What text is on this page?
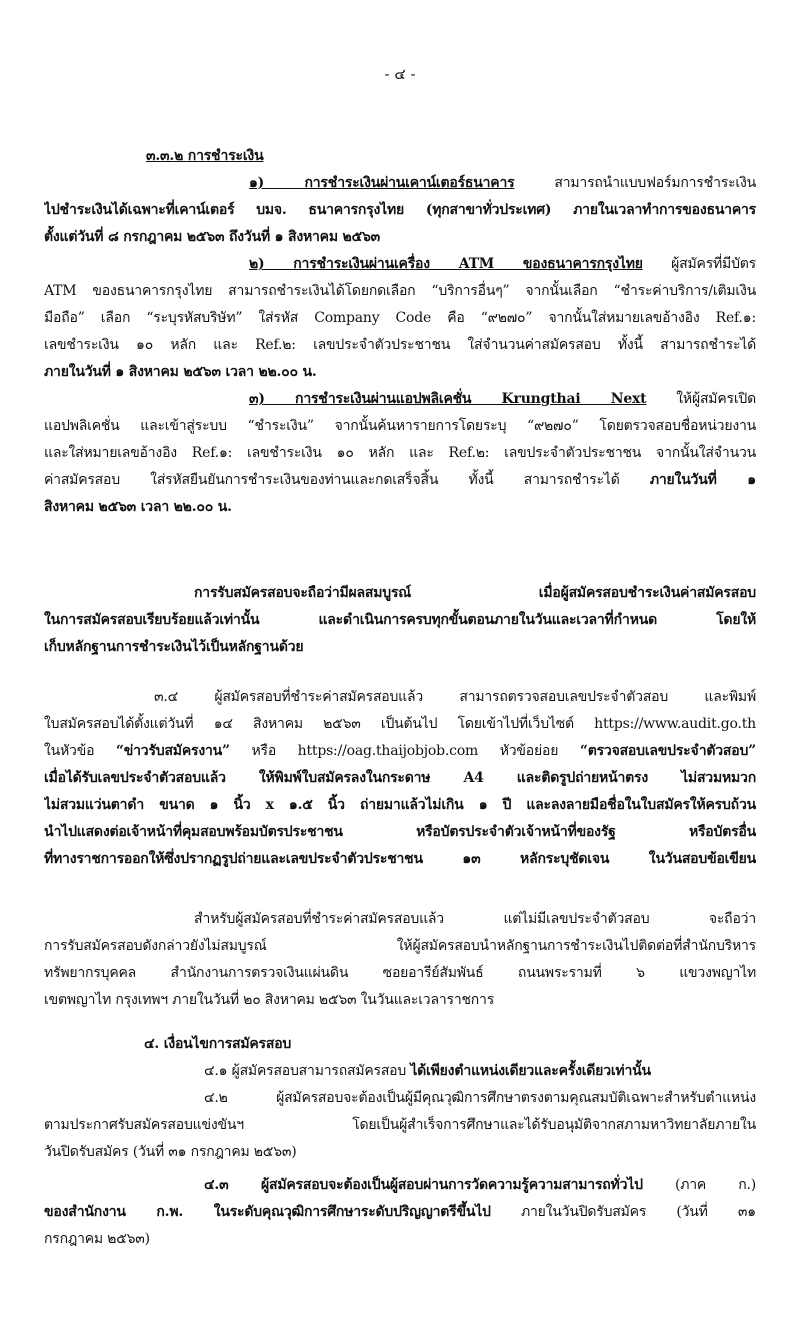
- ๔ -
๓.๓.๒ การชำระเงิน
๑) การชำระเงินผ่านเคาน์เตอร์ธนาคาร สามารถนำแบบฟอร์มการชำระเงิน
ไปชำระเงินได้เฉพาะที่เคาน์เตอร์ บมจ. ธนาคารกรุงไทย (ทุกสาขาทั่วประเทศ) ภายในเวลาทำการของธนาคาร
ตั้งแต่วันที่ ๘ กรกฎาคม ๒๕๖๓ ถึงวันที่ ๑ สิงหาคม ๒๕๖๓
๒) การชำระเงินผ่านเครื่อง ATM ของธนาคารกรุงไทย ผู้สมัครที่มีบัตร
ATM ของธนาคารกรุงไทย สามารถชำระเงินได้โดยกดเลือก “บริการอื่นๆ” จากนั้นเลือก “ชำระค่าบริการ/เติมเงิน
มือถือ” เลือก “ระบุรหัสบริษัท” ใส่รหัส Company Code คือ “๙๒๗๐” จากนั้นใส่หมายเลขอ้างอิง Ref.๑:
เลขชำระเงิน ๑๐ หลัก และ Ref.๒: เลขประจำตัวประชาชน ใส่จำนวนค่าสมัครสอบ ทั้งนี้ สามารถชำระได้
ภายในวันที่ ๑ สิงหาคม ๒๕๖๓ เวลา ๒๒.๐๐ น.
๓) การชำระเงินผ่านแอปพลิเคชั่น Krungthai Next ให้ผู้สมัครเปิด
แอปพลิเคชั่น และเข้าสู่ระบบ “ชำระเงิน” จากนั้นค้นหารายการโดยระบุ “๙๒๗๐” โดยตรวจสอบชื่อหน่วยงาน
และใส่หมายเลขอ้างอิง Ref.๑: เลขชำระเงิน ๑๐ หลัก และ Ref.๒: เลขประจำตัวประชาชน จากนั้นใส่จำนวน
ค่าสมัครสอบ ใส่รหัสยืนยันการชำระเงินของท่านและกดเสร็จสิ้น ทั้งนี้ สามารถชำระได้ ภายในวันที่ ๑
สิงหาคม ๒๕๖๓ เวลา ๒๒.๐๐ น.
การรับสมัครสอบจะถือว่ามีผลสมบูรณ์ เมื่อผู้สมัครสอบชำระเงินค่าสมัครสอบ
ในการสมัครสอบเรียบร้อยแล้วเท่านั้น และดำเนินการครบทุกขั้นตอนภายในวันและเวลาที่กำหนด โดยให้
เก็บหลักฐานการชำระเงินไว้เป็นหลักฐานด้วย
๓.๔ ผู้สมัครสอบที่ชำระค่าสมัครสอบแล้ว สามารถตรวจสอบเลขประจำตัวสอบ และพิมพ์
ใบสมัครสอบได้ตั้งแต่วันที่ ๑๔ สิงหาคม ๒๕๖๓ เป็นต้นไป โดยเข้าไปที่เว็บไซต์ https://www.audit.go.th
ในหัวข้อ “ข่าวรับสมัครงาน” หรือ https://oag.thaijobjob.com หัวข้อย่อย “ตรวจสอบเลขประจำตัวสอบ”
เมื่อได้รับเลขประจำตัวสอบแล้ว ให้พิมพ์ใบสมัครลงในกระดาษ A4 และติดรูปถ่ายหน้าตรง ไม่สวมหมวก
ไม่สวมแว่นตาดำ ขนาด ๑ นิ้ว x ๑.๕ นิ้ว ถ่ายมาแล้วไม่เกิน ๑ ปี และลงลายมือชื่อในใบสมัครให้ครบถ้วน
นำไปแสดงต่อเจ้าหน้าที่คุมสอบพร้อมบัตรประชาชน หรือบัตรประจำตัวเจ้าหน้าที่ของรัฐ หรือบัตรอื่น
ที่ทางราชการออกให้ซึ่งปรากฏรูปถ่ายและเลขประจำตัวประชาชน ๑๓ หลักระบุชัดเจน ในวันสอบข้อเขียน
สำหรับผู้สมัครสอบที่ชำระค่าสมัครสอบแล้ว แต่ไม่มีเลขประจำตัวสอบ จะถือว่า
การรับสมัครสอบดังกล่าวยังไม่สมบูรณ์ ให้ผู้สมัครสอบนำหลักฐานการชำระเงินไปติดต่อที่สำนักบริหาร
ทรัพยากรบุคคล สำนักงานการตรวจเงินแผ่นดิน ซอยอารีย์สัมพันธ์ ถนนพระรามที่ ๖ แขวงพญาไท
เขตพญาไท กรุงเทพฯ ภายในวันที่ ๒๐ สิงหาคม ๒๕๖๓ ในวันและเวลาราชการ
๔. เงื่อนไขการสมัครสอบ
๔.๑ ผู้สมัครสอบสามารถสมัครสอบ ได้เพียงตำแหน่งเดียวและครั้งเดียวเท่านั้น
๔.๒ ผู้สมัครสอบจะต้องเป็นผู้มีคุณวุฒิการศึกษาตรงตามคุณสมบัติเฉพาะสำหรับตำแหน่ง
ตามประกาศรับสมัครสอบแข่งขันฯ โดยเป็นผู้สำเร็จการศึกษาและได้รับอนุมัติจากสภามหาวิทยาลัยภายใน
วันปิดรับสมัคร (วันที่ ๓๑ กรกฎาคม ๒๕๖๓)
๔.๓ ผู้สมัครสอบจะต้องเป็นผู้สอบผ่านการวัดความรู้ความสามารถทั่วไป (ภาค ก.)
ของสำนักงาน ก.พ. ในระดับคุณวุฒิการศึกษาระดับปริญญาตรีขึ้นไป ภายในวันปิดรับสมัคร (วันที่ ๓๑
กรกฎาคม ๒๕๖๓)
